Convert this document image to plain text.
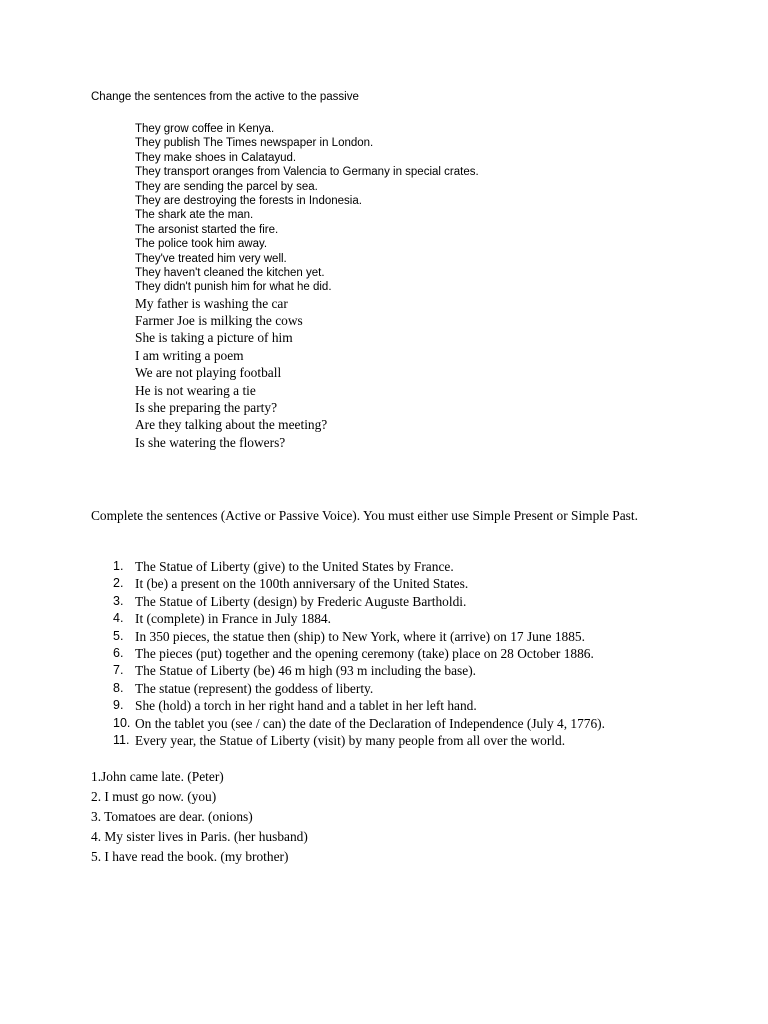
Change the sentences from the active to the passive
They grow coffee in Kenya.
They publish The Times newspaper in London.
They make shoes in Calatayud.
They transport oranges from Valencia to Germany in special crates.
They are sending the parcel by sea.
They are destroying the forests in Indonesia.
The shark ate the man.
The arsonist started the fire.
The police took him away.
They've treated him very well.
They haven't cleaned the kitchen yet.
They didn't punish him for what he did.
My father is washing the car
Farmer Joe is milking the cows
She is taking a picture of him
I am writing a poem
We are not playing football
He is not wearing a tie
Is she preparing the party?
Are they talking about the meeting?
Is she watering the flowers?
Complete the sentences (Active or Passive Voice). You must either use Simple Present or Simple Past.
1. The Statue of Liberty (give) to the United States by France.
2. It (be) a present on the 100th anniversary of the United States.
3. The Statue of Liberty (design) by Frederic Auguste Bartholdi.
4. It (complete) in France in July 1884.
5. In 350 pieces, the statue then (ship) to New York, where it (arrive) on 17 June 1885.
6. The pieces (put) together and the opening ceremony (take) place on 28 October 1886.
7. The Statue of Liberty (be) 46 m high (93 m including the base).
8. The statue (represent) the goddess of liberty.
9. She (hold) a torch in her right hand and a tablet in her left hand.
10. On the tablet you (see / can) the date of the Declaration of Independence (July 4, 1776).
11. Every year, the Statue of Liberty (visit) by many people from all over the world.
1.John came late. (Peter)
2. I must go now. (you)
3. Tomatoes are dear. (onions)
4. My sister lives in Paris. (her husband)
5. I have read the book. (my brother)
